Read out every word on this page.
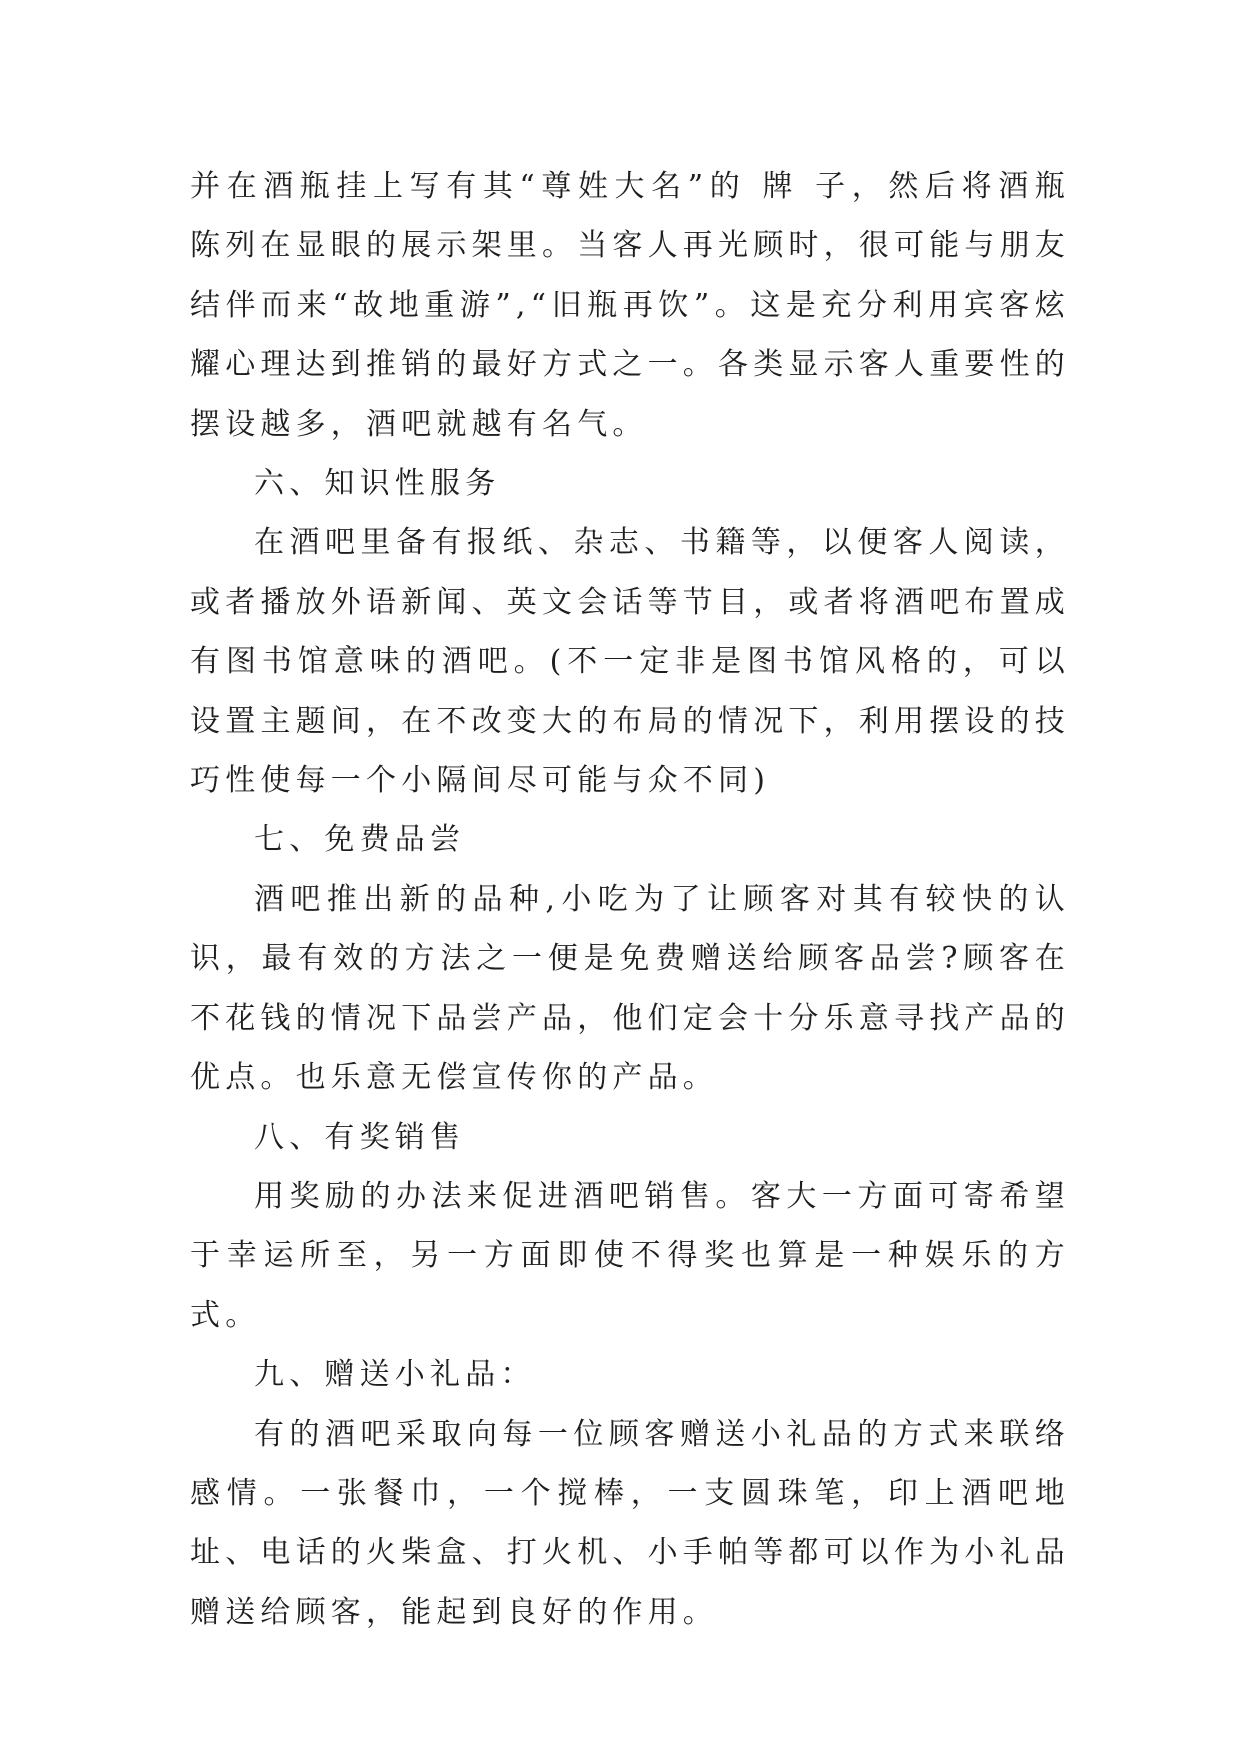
并在酒瓶挂上写有其“尊姓大名”的 牌 子，然后将酒瓶陈列在显眼的展示架里。当客人再光顾时，很可能与朋友结伴而来“故地重游”,“旧瓶再饮”。这是充分利用宾客炫耀心理达到推销的最好方式之一。各类显示客人重要性的摆设越多，酒吧就越有名气。

六、知识性服务

在酒吧里备有报纸、杂志、书籍等，以便客人阅读，或者播放外语新闻、英文会话等节目，或者将酒吧布置成有图书馆意味的酒吧。(不一定非是图书馆风格的，可以设置主题间，在不改变大的布局的情况下，利用摆设的技巧性使每一个小隔间尽可能与众不同)

七、免费品尝

酒吧推出新的品种,小吃为了让顾客对其有较快的认识，最有效的方法之一便是免费赠送给顾客品尝?顾客在不花钱的情况下品尝产品，他们定会十分乐意寻找产品的优点。也乐意无偿宣传你的产品。

八、有奖销售

用奖励的办法来促进酒吧销售。客大一方面可寄希望于幸运所至，另一方面即使不得奖也算是一种娱乐的方式。

九、赠送小礼品：

有的酒吧采取向每一位顾客赠送小礼品的方式来联络感情。一张餐巾，一个搅棒，一支圆珠笔，印上酒吧地址、电话的火柴盒、打火机、小手帕等都可以作为小礼品赠送给顾客，能起到良好的作用。
